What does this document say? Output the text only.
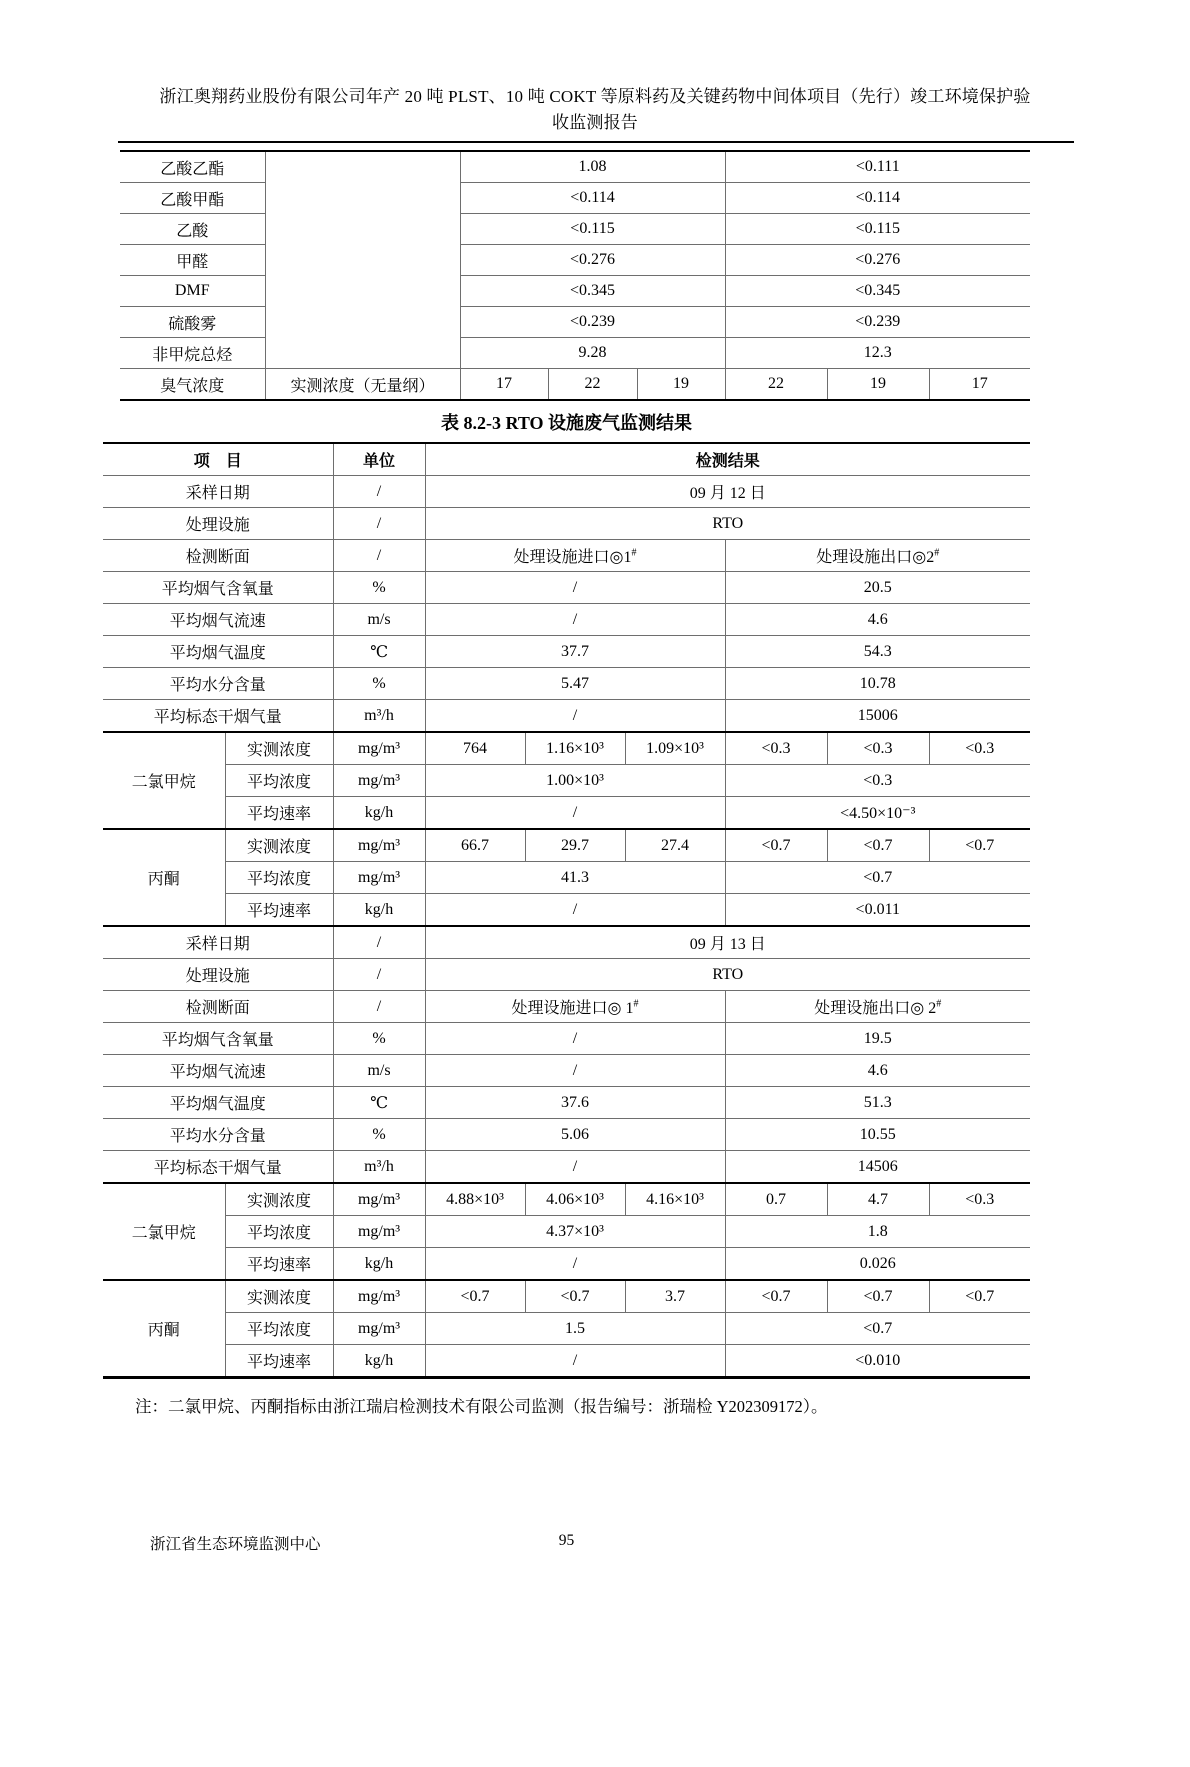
浙江奥翔药业股份有限公司年产 20 吨 PLST、10 吨 COKT 等原料药及关键药物中间体项目（先行）竣工环境保护验
收监测报告
乙酸乙酯		1.08			<0.111		
乙酸甲酯		<0.114			<0.114		
乙酸		<0.115			<0.115		
甲醛		<0.276			<0.276		
DMF		<0.345			<0.345		
硫酸雾		<0.239			<0.239		
非甲烷总烃		9.28			12.3		
臭气浓度	实测浓度（无量纲）	17	22	19	22	19	17
表 8.2-3 RTO 设施废气监测结果
项　目		单位	检测结果					
采样日期		/	09 月 12 日					
处理设施		/	RTO					
检测断面		/	处理设施进口◎1#			处理设施出口◎2#
平均烟气含氧量		%	/			20.5		
平均烟气流速		m/s	/			4.6		
平均烟气温度		℃	37.7			54.3		
平均水分含量		%	5.47			10.78		
平均标态干烟气量		m³/h	/			15006		
二氯甲烷	实测浓度	mg/m³	764	1.16×10³	1.09×10³	<0.3	<0.3	<0.3
	平均浓度	mg/m³	1.00×10³			<0.3		
	平均速率	kg/h	/			<4.50×10⁻³		
丙酮	实测浓度	mg/m³	66.7	29.7	27.4	<0.7	<0.7	<0.7
	平均浓度	mg/m³	41.3			<0.7		
	平均速率	kg/h	/			<0.011		
采样日期		/	09 月 13 日					
处理设施		/	RTO					
检测断面		/	处理设施进口◎ 1#			处理设施出口◎ 2#
平均烟气含氧量		%	/			19.5		
平均烟气流速		m/s	/			4.6		
平均烟气温度		℃	37.6			51.3		
平均水分含量		%	5.06			10.55		
平均标态干烟气量		m³/h	/			14506		
二氯甲烷	实测浓度	mg/m³	4.88×10³	4.06×10³	4.16×10³	0.7	4.7	<0.3
	平均浓度	mg/m³	4.37×10³			1.8		
	平均速率	kg/h	/			0.026		
丙酮	实测浓度	mg/m³	<0.7	<0.7	3.7	<0.7	<0.7	<0.7
	平均浓度	mg/m³	1.5			<0.7		
	平均速率	kg/h	/			<0.010		
注：二氯甲烷、丙酮指标由浙江瑞启检测技术有限公司监测（报告编号：浙瑞检 Y202309172）。
浙江省生态环境监测中心	95
